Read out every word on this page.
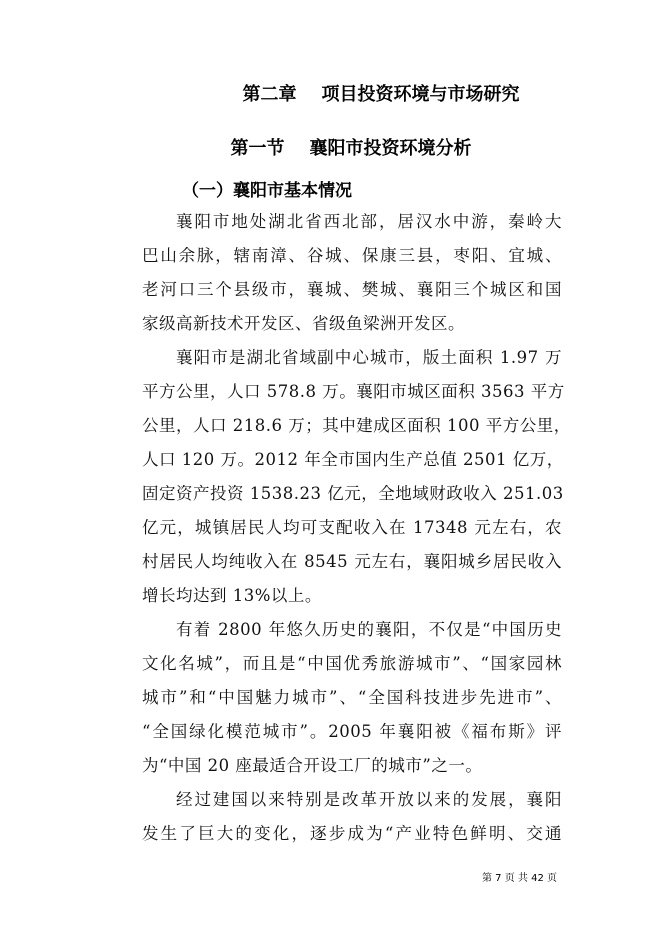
第二章    项目投资环境与市场研究
第一节    襄阳市投资环境分析
（一）襄阳市基本情况
襄阳市地处湖北省西北部，居汉水中游，秦岭大
巴山余脉，辖南漳、谷城、保康三县，枣阳、宜城、
老河口三个县级市，襄城、樊城、襄阳三个城区和国
家级高新技术开发区、省级鱼梁洲开发区。
襄阳市是湖北省域副中心城市，版土面积 1.97 万
平方公里，人口 578.8 万。襄阳市城区面积 3563 平方
公里，人口 218.6 万；其中建成区面积 100 平方公里，
人口 120 万。2012 年全市国内生产总值 2501 亿万，
固定资产投资 1538.23 亿元，全地域财政收入 251.03
亿元，城镇居民人均可支配收入在 17348 元左右，农
村居民人均纯收入在 8545 元左右，襄阳城乡居民收入
增长均达到 13%以上。
有着 2800 年悠久历史的襄阳，不仅是“中国历史
文化名城”，而且是“中国优秀旅游城市”、“国家园林
城市”和“中国魅力城市”、“全国科技进步先进市”、
“全国绿化模范城市”。2005 年襄阳被《福布斯》评
为“中国 20 座最适合开设工厂的城市”之一。
经过建国以来特别是改革开放以来的发展，襄阳
发生了巨大的变化，逐步成为“产业特色鲜明、交通
第 7 页 共 42 页
